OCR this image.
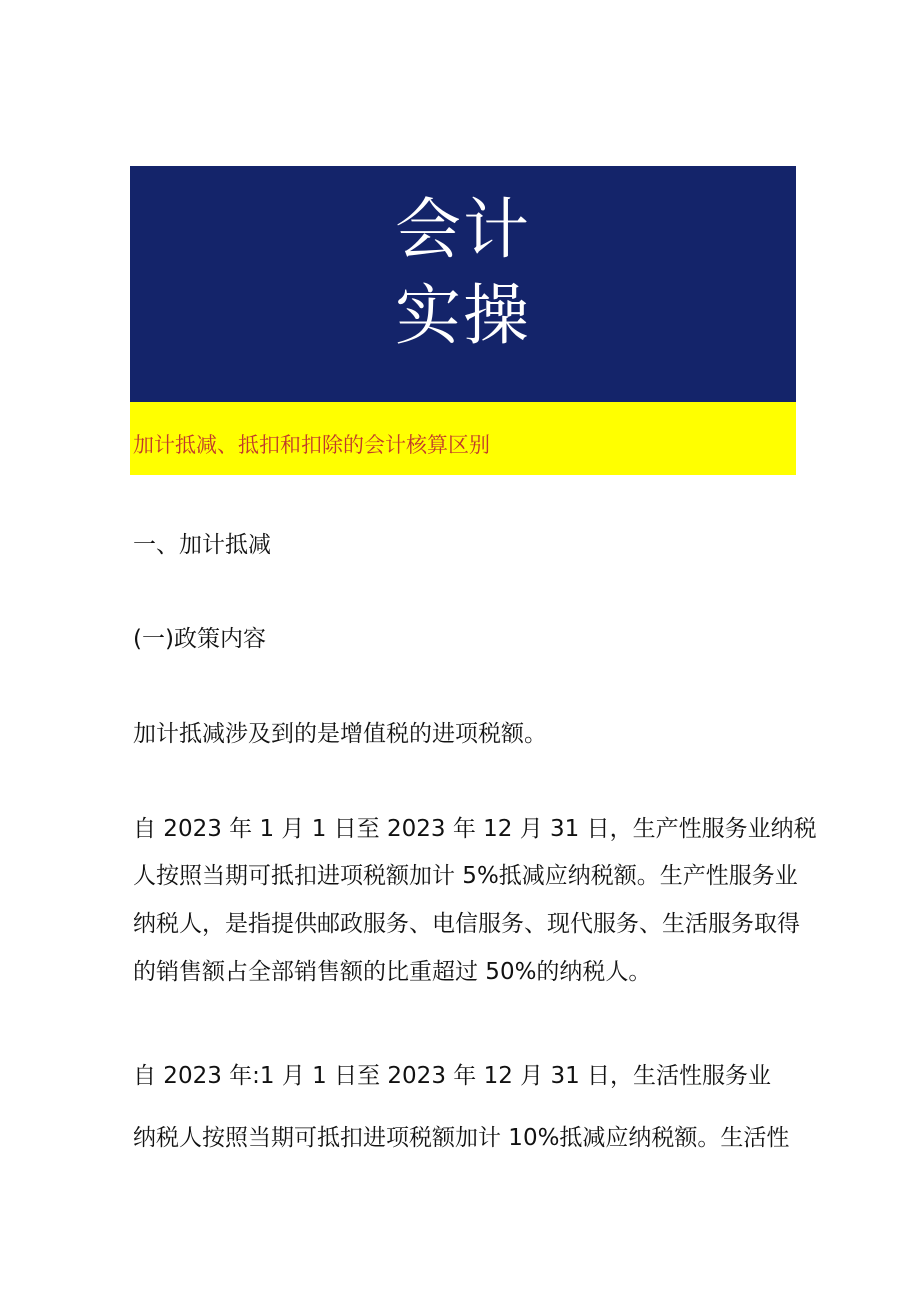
会计
实操
加计抵减、抵扣和扣除的会计核算区别
一、加计抵减
(一)政策内容
加计抵减涉及到的是增值税的进项税额。
自 2023 年 1 月 1 日至 2023 年 12 月 31 日，生产性服务业纳税
人按照当期可抵扣进项税额加计 5%抵减应纳税额。生产性服务业
纳税人，是指提供邮政服务、电信服务、现代服务、生活服务取得
的销售额占全部销售额的比重超过 50%的纳税人。
自 2023 年:1 月 1 日至 2023 年 12 月 31 日，生活性服务业
纳税人按照当期可抵扣进项税额加计 10%抵减应纳税额。生活性
